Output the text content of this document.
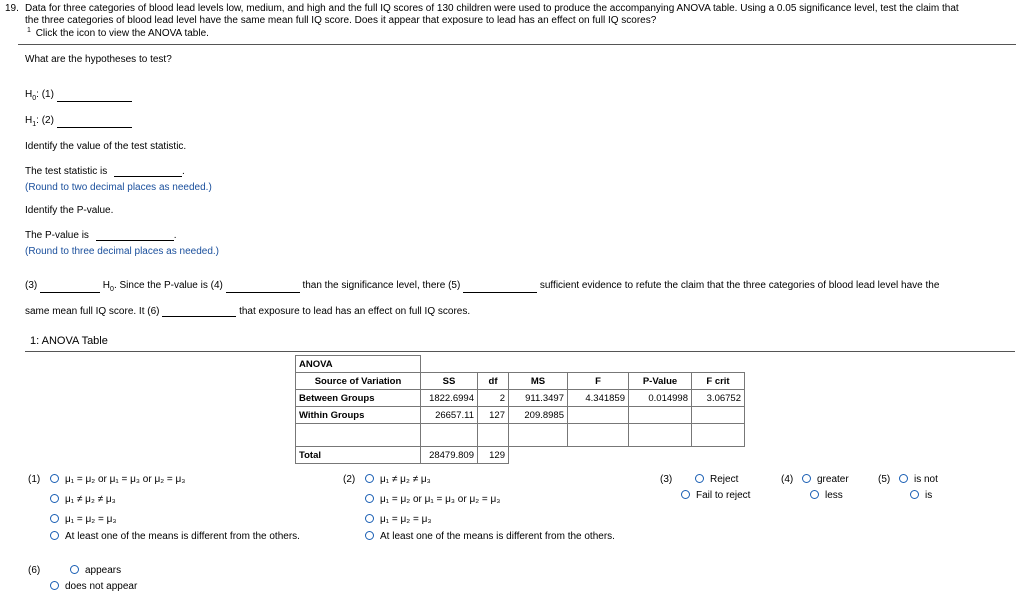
19. Data for three categories of blood lead levels low, medium, and high and the full IQ scores of 130 children were used to produce the accompanying ANOVA table. Using a 0.05 significance level, test the claim that
the three categories of blood lead level have the same mean full IQ score. Does it appear that exposure to lead has an effect on full IQ scores?
$^1$ Click the icon to view the ANOVA table.
What are the hypotheses to test?
$H_0$: (1)
$H_1$: (2)
Identify the value of the test statistic.
The test statistic is	.
(Round to two decimal places as needed.)
Identify the P-value.
The P-value is	.
(Round to three decimal places as needed.)
(3)	$H_0$. Since the P-value is (4)	than the significance level, there (5)	sufficient evidence to refute the claim that the three categories of blood lead level have the
same mean full IQ score. It (6)	that exposure to lead has an effect on full IQ scores.
1: ANOVA Table
ANOVA						
Source of Variation	SS	df	MS	F	P-Value	F crit
Between Groups	1822.6994	2	911.3497	4.341859	0.014998	3.06752
Within Groups	26657.11	127	209.8985			

Total	28479.809	129				
(1)	μ₁ = μ₂ or μ₁ = μ₃ or μ₂ = μ₃
μ₁ ≠ μ₂ ≠ μ₃
μ₁ = μ₂ = μ₃
At least one of the means is different from the others.
(2)	μ₁ ≠ μ₂ ≠ μ₃
μ₁ = μ₂ or μ₁ = μ₃ or μ₂ = μ₃
μ₁ = μ₂ = μ₃
At least one of the means is different from the others.
(3)	Reject
Fail to reject
(4)	greater
less
(5)	is not
is
(6)	appears
does not appear
